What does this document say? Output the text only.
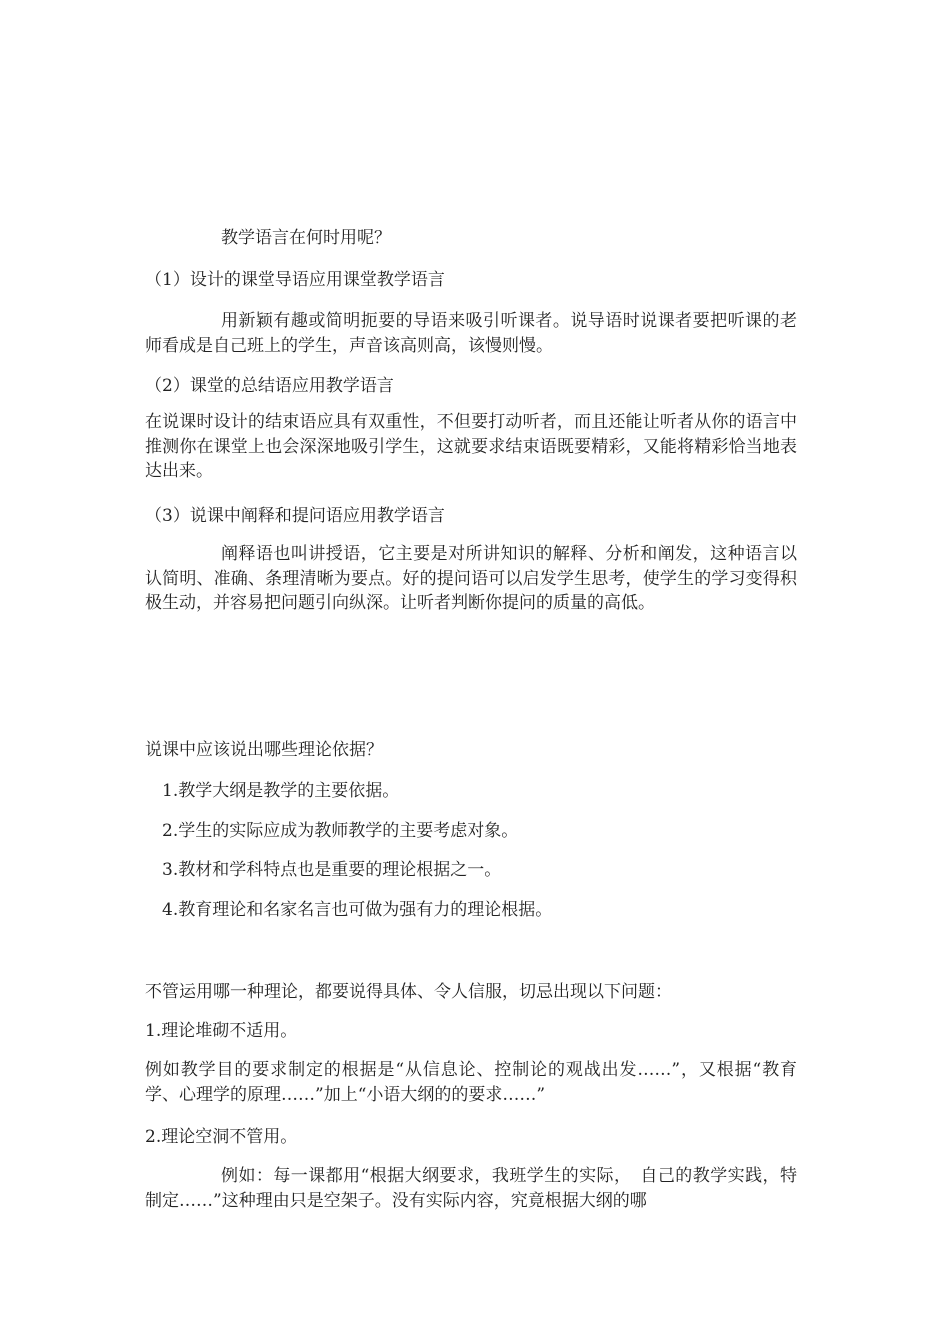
教学语言在何时用呢？
（1）设计的课堂导语应用课堂教学语言
用新颖有趣或简明扼要的导语来吸引听课者。说导语时说课者要把听课的老师看成是自己班上的学生，声音该高则高，该慢则慢。
（2）课堂的总结语应用教学语言
在说课时设计的结束语应具有双重性，不但要打动听者，而且还能让听者从你的语言中推测你在课堂上也会深深地吸引学生，这就要求结束语既要精彩，又能将精彩恰当地表达出来。
（3）说课中阐释和提问语应用教学语言
阐释语也叫讲授语，它主要是对所讲知识的解释、分析和阐发，这种语言以认简明、准确、条理清晰为要点。好的提问语可以启发学生思考，使学生的学习变得积极生动，并容易把问题引向纵深。让听者判断你提问的质量的高低。
说课中应该说出哪些理论依据？
1.教学大纲是教学的主要依据。
2.学生的实际应成为教师教学的主要考虑对象。
3.教材和学科特点也是重要的理论根据之一。
4.教育理论和名家名言也可做为强有力的理论根据。
不管运用哪一种理论，都要说得具体、令人信服，切忌出现以下问题：
1.理论堆砌不适用。
例如教学目的要求制定的根据是“从信息论、控制论的观战出发……”，又根据“教育学、心理学的原理……”加上“小语大纲的的要求……”
2.理论空洞不管用。
例如：每一课都用“根据大纲要求，我班学生的实际，　自己的教学实践，特制定……”这种理由只是空架子。没有实际内容，究竟根据大纲的哪
